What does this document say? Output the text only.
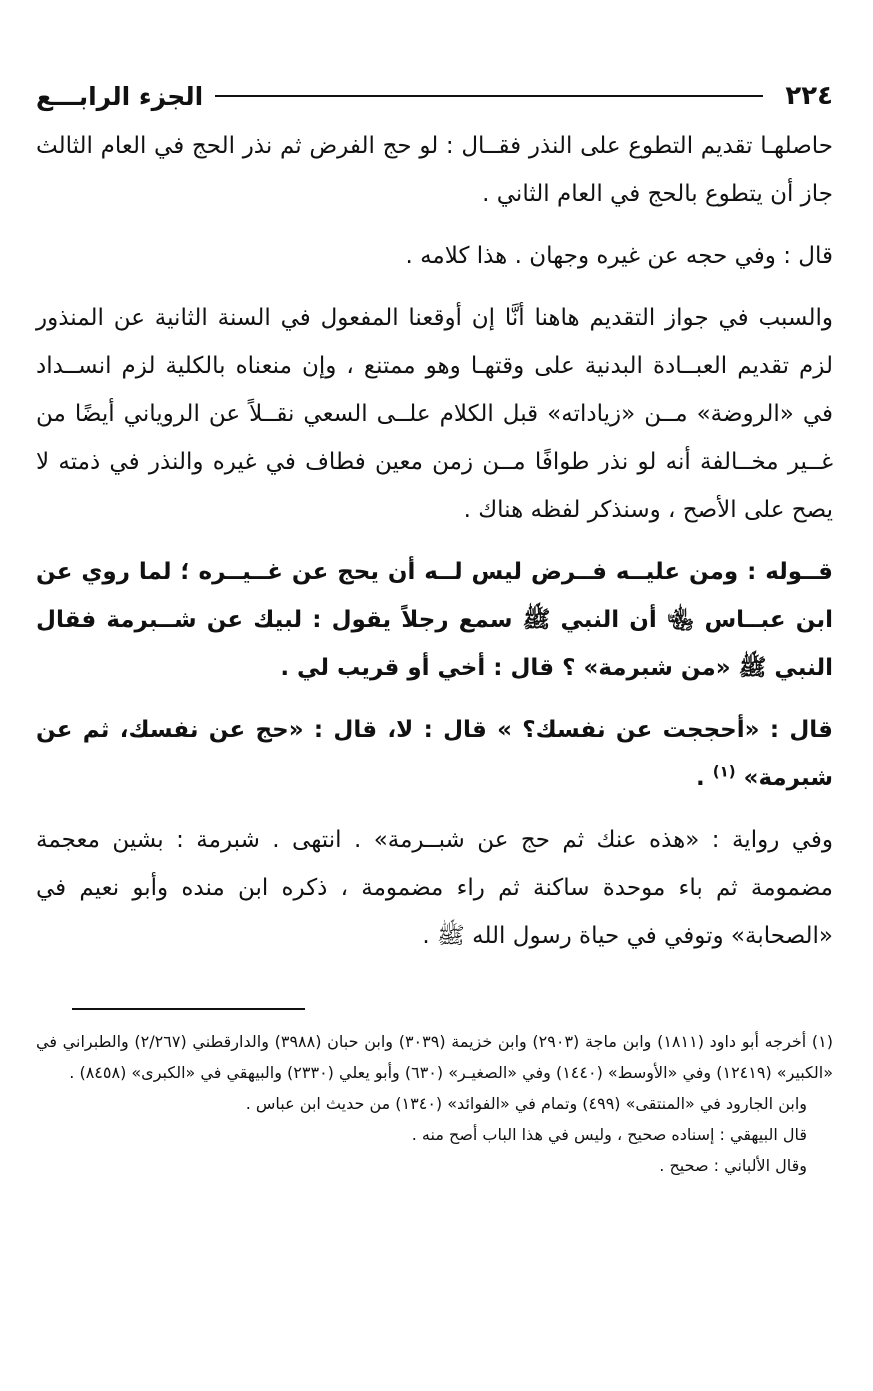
٢٢٤
الجزء الرابـــع

حاصلهـا تقديم التطوع على النذر فقــال : لو حج الفرض ثم نذر الحج في العام الثالث جاز أن يتطوع بالحج في العام الثاني .

قال : وفي حجه عن غيره وجهان . هذا كلامه .

والسبب في جواز التقديم هاهنا أنَّا إن أوقعنا المفعول في السنة الثانية عن المنذور لزم تقديم العبــادة البدنية على وقتهـا وهو ممتنع ، وإن منعناه بالكلية لزم انســداد في «الروضة» مــن «زياداته» قبل الكلام علــى السعي نقــلاً عن الروياني أيضًا من غــير مخــالفة أنه لو نذر طوافًا مــن زمن معين فطاف في غيره والنذر في ذمته لا يصح على الأصح ، وسنذكر لفظه هناك .

قــوله : ومن عليــه فــرض ليس لــه أن يحج عن غــيــره ؛ لما روي عن ابن عبــاس ﵄ أن النبي ﷺ سمع رجلاً يقول : لبيك عن شــبرمة فقال النبي ﷺ «من شبرمة» ؟ قال : أخي أو قريب لي .

قال : «أحججت عن نفسك؟ » قال : لا، قال : «حج عن نفسك، ثم عن شبرمة» $^{(١)}$ .

وفي رواية : «هذه عنك ثم حج عن شبــرمة» . انتهى . شبرمة : بشين معجمة مضمومة ثم باء موحدة ساكنة ثم راء مضمومة ، ذكره ابن منده وأبو نعيم في «الصحابة» وتوفي في حياة رسول الله ﷺ .

(١) أخرجه أبو داود (١٨١١) وابن ماجة (٢٩٠٣) وابن خزيمة (٣٠٣٩) وابن حبان (٣٩٨٨) والدارقطني (٢/٢٦٧) والطبراني في «الكبير» (١٢٤١٩) وفي «الأوسط» (١٤٤٠) وفي «الصغيـر» (٦٣٠) وأبو يعلي (٢٣٣٠) والبيهقي في «الكبرى» (٨٤٥٨) .

وابن الجارود في «المنتقى» (٤٩٩) وتمام في «الفوائد» (١٣٤٠) من حديث ابن عباس .

قال البيهقي : إسناده صحيح ، وليس في هذا الباب أصح منه .

وقال الألباني : صحيح .
